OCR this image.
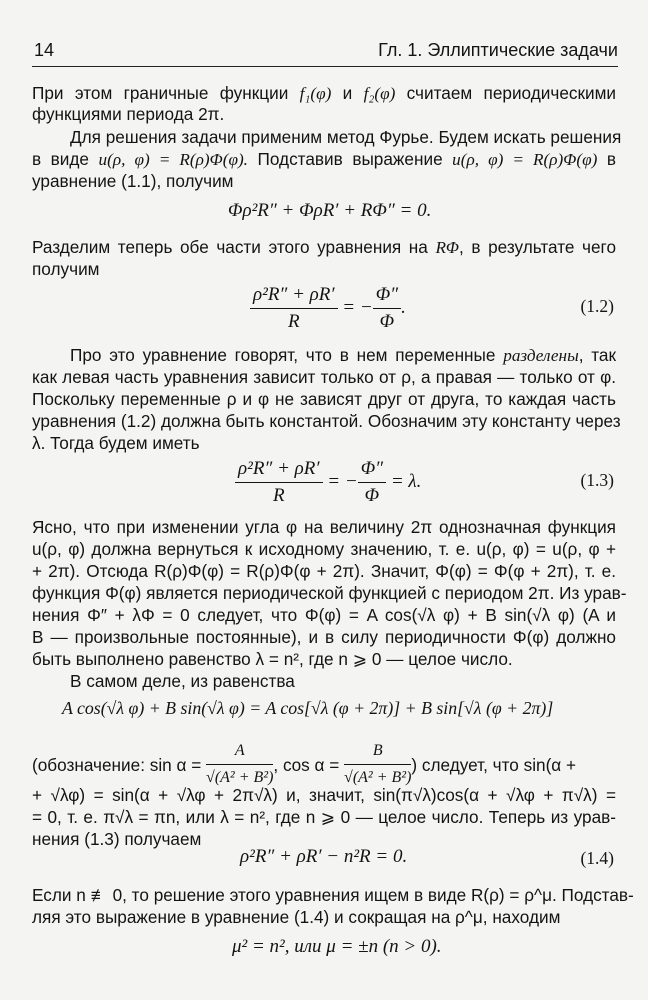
14	Гл. 1. Эллиптические задачи
При этом граничные функции f₁(φ) и f₂(φ) считаем периодическими
функциями периода 2π.
Для решения задачи применим метод Фурье. Будем искать решения
в виде u(ρ, φ) = R(ρ)Φ(φ). Подставив выражение u(ρ, φ) = R(ρ)Φ(φ) в
уравнение (1.1), получим
Φρ²R″ + ΦρR′ + RΦ″ = 0.
Разделим теперь обе части этого уравнения на RΦ, в результате чего
получим
$\frac{\text{ρ²R″ + ρR′}}{R}$ = − $\frac{\Phi''}{\Phi}$ .	(1.2)
Про это уравнение говорят, что в нем переменные разделены, так
как левая часть уравнения зависит только от ρ, а правая — только от φ.
Поскольку переменные ρ и φ не зависят друг от друга, то каждая часть
уравнения (1.2) должна быть константой. Обозначим эту константу через
λ. Тогда будем иметь
$\frac{\text{ρ²R″ + ρR′}}{R}$ = − $\frac{\Phi''}{\Phi} = \lambda$.	(1.3)
Ясно, что при изменении угла φ на величину 2π однозначная функция
u(ρ, φ) должна вернуться к исходному значению, т. е. u(ρ, φ) = u(ρ, φ +
+ 2π). Отсюда R(ρ)Φ(φ) = R(ρ)Φ(φ + 2π). Значит, Φ(φ) = Φ(φ + 2π), т. е.
функция Φ(φ) является периодической функцией с периодом 2π. Из урав-
нения Φ″ + λΦ = 0 следует, что Φ(φ) = A cos(√λ φ) + B sin(√λ φ) (A и
B — произвольные постоянные), и в силу периодичности Φ(φ) должно
быть выполнено равенство λ = n², где n ⩾ 0 — целое число.
В самом деле, из равенства
A cos(√λ φ) + B sin(√λ φ) = A cos[√λ (φ + 2π)] + B sin[√λ (φ + 2π)]
(обозначение: $\sin \alpha = \frac{A}{\text{√(A² + B²)}}$ , $\cos \alpha = \frac{B}{\text{√(A² + B²)}}$ ) следует, что sin(α +
+ √λφ) = sin(α + √λφ + 2π√λ) и, значит, sin(π√λ)cos(α + √λφ + π√λ) =
= 0, т. е. π√λ = πn, или λ = n², где n ⩾ 0 — целое число. Теперь из урав-
нения (1.3) получаем
ρ²R″ + ρR′ − n²R = 0.	(1.4)
Если n ≢ 0, то решение этого уравнения ищем в виде R(ρ) = ρ^μ. Подстав-
ляя это выражение в уравнение (1.4) и сокращая на ρ^μ, находим
μ² = n², или μ = ±n (n > 0).
